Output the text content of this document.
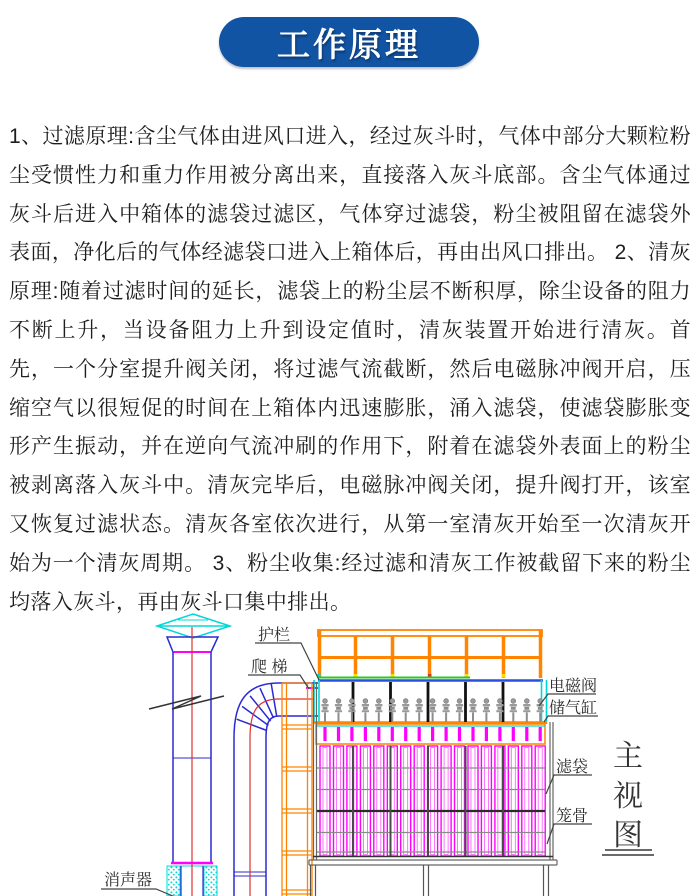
工作原理

1、过滤原理:含尘气体由进风口进入，经过灰斗时，气体中部分大颗粒粉尘受惯性力和重力作用被分离出来，直接落入灰斗底部。含尘气体通过灰斗后进入中箱体的滤袋过滤区，气体穿过滤袋，粉尘被阻留在滤袋外表面，净化后的气体经滤袋口进入上箱体后，再由出风口排出。 2、清灰原理:随着过滤时间的延长，滤袋上的粉尘层不断积厚，除尘设备的阻力不断上升，当设备阻力上升到设定值时，清灰装置开始进行清灰。首先，一个分室提升阀关闭，将过滤气流截断，然后电磁脉冲阀开启，压缩空气以很短促的时间在上箱体内迅速膨胀，涌入滤袋，使滤袋膨胀变形产生振动，并在逆向气流冲刷的作用下，附着在滤袋外表面上的粉尘被剥离落入灰斗中。清灰完毕后，电磁脉冲阀关闭，提升阀打开，该室又恢复过滤状态。清灰各室依次进行，从第一室清灰开始至一次清灰开始为一个清灰周期。 3、粉尘收集:经过滤和清灰工作被截留下来的粉尘均落入灰斗，再由灰斗口集中排出。

护栏
爬 梯
电磁阀
储气缸
滤袋
笼骨
消声器
主
视
图
